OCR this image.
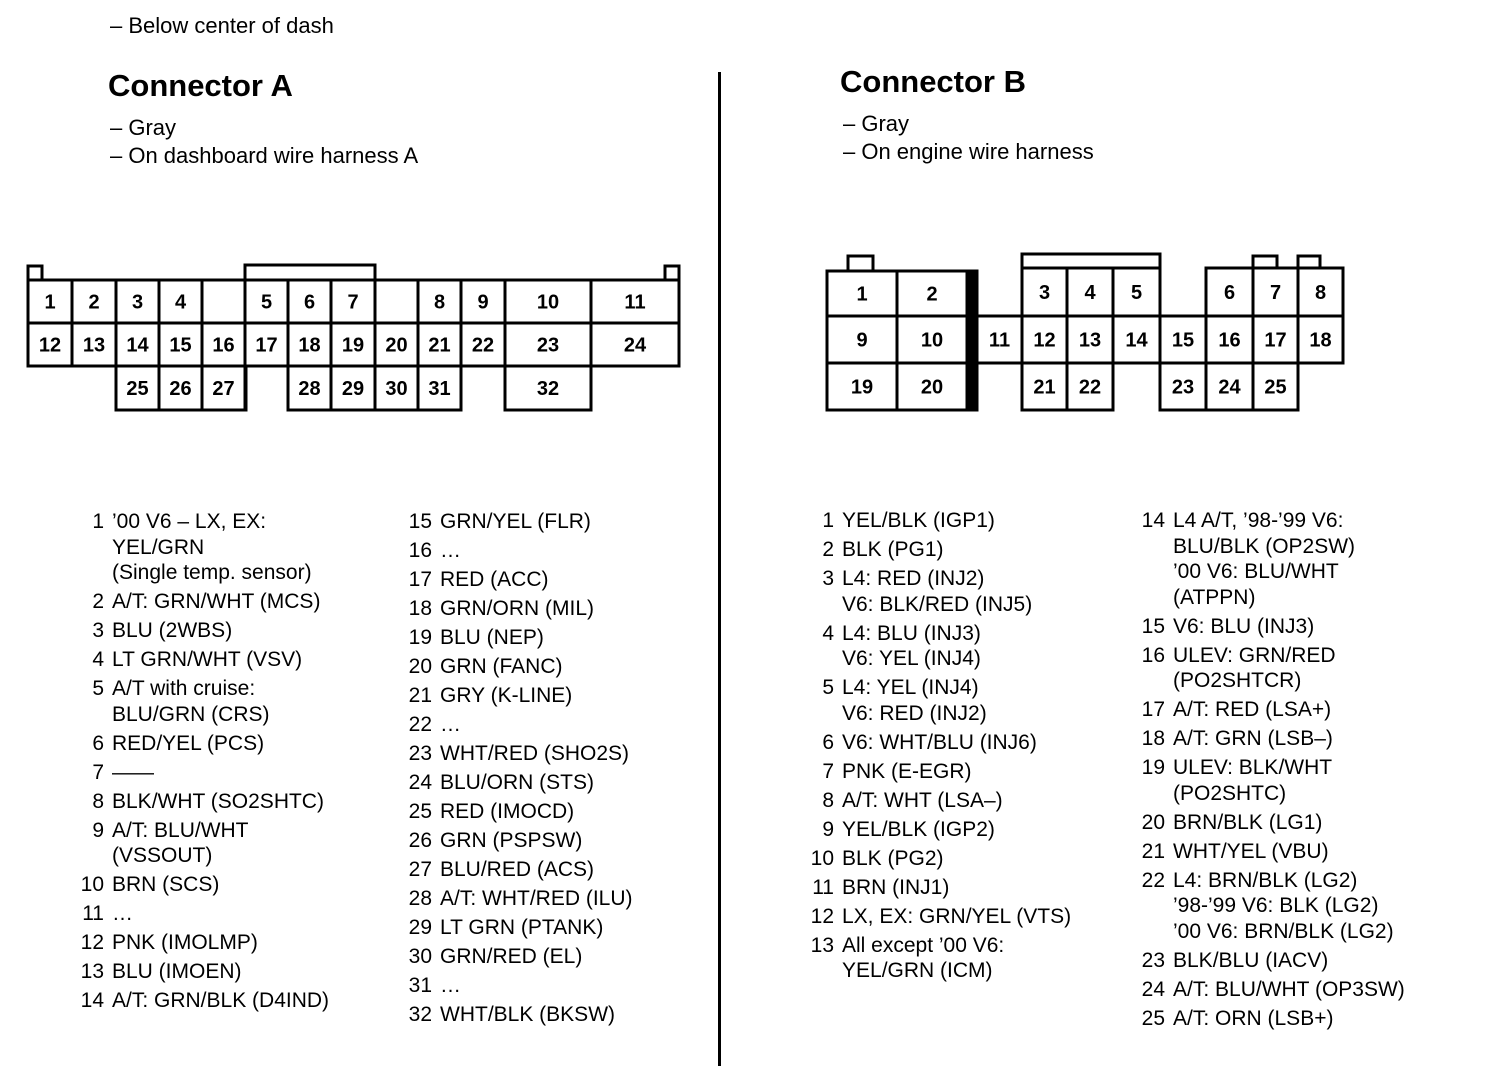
– Below center of dash
Connector A
– Gray
– On dashboard wire harness A
Connector B
– Gray
– On engine wire harness
1 2 3 4	5 6 7	8 9 10	11
12 13 14 15 16 17 18 19 20 21 22 23	24
25 26 27	28 29 30 31	32
1	2	3 4 5	6 7 8
9	10 11 12 13 14 15 16 17 18
19 20	21 22	23 24 25
1 ’00 V6 – LX, EX:
YEL/GRN
(Single temp. sensor)
2 A/T: GRN/WHT (MCS)
3 BLU (2WBS)
4 LT GRN/WHT (VSV)
5 A/T with cruise:
BLU/GRN (CRS)
6 RED/YEL (PCS)
7 ——
8 BLK/WHT (SO2SHTC)
9 A/T: BLU/WHT
(VSSOUT)
10 BRN (SCS)
11 …
12 PNK (IMOLMP)
13 BLU (IMOEN)
14 A/T: GRN/BLK (D4IND)
15 GRN/YEL (FLR)
16 …
17 RED (ACC)
18 GRN/ORN (MIL)
19 BLU (NEP)
20 GRN (FANC)
21 GRY (K-LINE)
22 …
23 WHT/RED (SHO2S)
24 BLU/ORN (STS)
25 RED (IMOCD)
26 GRN (PSPSW)
27 BLU/RED (ACS)
28 A/T: WHT/RED (ILU)
29 LT GRN (PTANK)
30 GRN/RED (EL)
31 …
32 WHT/BLK (BKSW)
1 YEL/BLK (IGP1)
2 BLK (PG1)
3 L4: RED (INJ2)
V6: BLK/RED (INJ5)
4 L4: BLU (INJ3)
V6: YEL (INJ4)
5 L4: YEL (INJ4)
V6: RED (INJ2)
6 V6: WHT/BLU (INJ6)
7 PNK (E-EGR)
8 A/T: WHT (LSA–)
9 YEL/BLK (IGP2)
10 BLK (PG2)
11 BRN (INJ1)
12 LX, EX: GRN/YEL (VTS)
13 All except ’00 V6:
YEL/GRN (ICM)
14 L4 A/T, ’98-’99 V6:
BLU/BLK (OP2SW)
’00 V6: BLU/WHT
(ATPPN)
15 V6: BLU (INJ3)
16 ULEV: GRN/RED
(PO2SHTCR)
17 A/T: RED (LSA+)
18 A/T: GRN (LSB–)
19 ULEV: BLK/WHT
(PO2SHTC)
20 BRN/BLK (LG1)
21 WHT/YEL (VBU)
22 L4: BRN/BLK (LG2)
’98-’99 V6: BLK (LG2)
’00 V6: BRN/BLK (LG2)
23 BLK/BLU (IACV)
24 A/T: BLU/WHT (OP3SW)
25 A/T: ORN (LSB+)
